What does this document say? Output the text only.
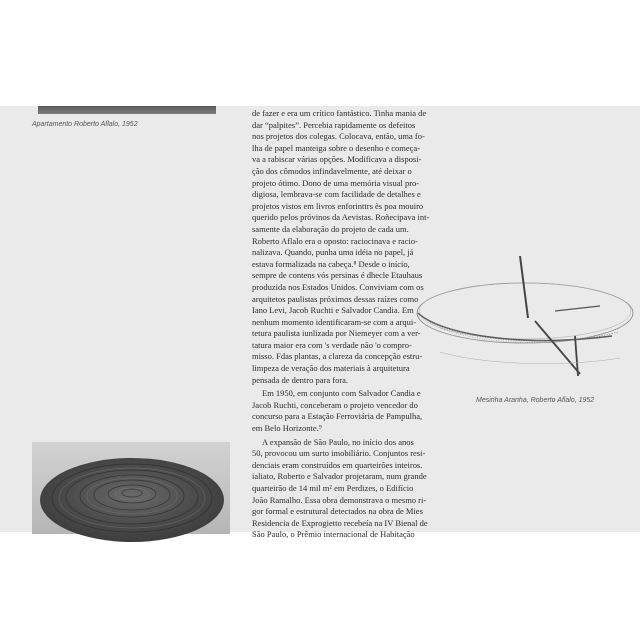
Apartamento Roberto Aflalo, 1952
de fazer e era um crítico fantástico. Tinha mania de
dar “palpites”. Percebia rapidamente os defeitos
nos projetos dos colegas. Colocava, então, uma fo-
lha de papel manteiga sobre o desenho e começa-
va a rabiscar várias opções. Modificava a disposi-
ção dos cômodos infindavelmente, até deixar o
projeto ótimo. Dono de uma memória visual pro-
digiosa, lembrava-se com facilidade de detalhes e
projetos vistos em livros enforinttrs ès poa mouiro
querido pelos próvinos da Aevistas. Roñecipava int-
samente da elaboração do projeto de cada um.
Roberto Aflalo era o oposto: raciocinava e racio-
nalizava. Quando, punha uma idéia no papel, já
estava formalizada na cabeça.⁸ Desde o início,
sempre de contens vós persinas é dhecle Etauhaus
produzida nos Estados Unidos. Conviviam com os
arquitetos paulistas próximos dessas raízes como
Iano Levi, Jacob Ruchti e Salvador Candia. Em
nenhum momento identificaram-se com a arqui-
tetura paulista iunlizada por Niemeyer com a ver-
tatura maior era com 's verdade não 'o compro-
misso. Fdas plantas, a clareza da concepção estru-
limpeza de veração dos materiais à arquitetura
pensada de dentro para fora.
Em 1950, em conjunto com Salvador Candia e
Jacob Ruchti, conceberam o projeto vencedor do
concurso para a Estação Ferroviária de Pampulha,
em Belo Horizonte.⁹
A expansão de São Paulo, no início dos anos
50, provocou um surto imobiliário. Conjuntos resi-
denciais eram construídos em quarteirões inteiros.
ialiato, Roberto e Salvador projetaram, num grande
quarteirão de 14 mil m² em Perdizes, o Edifício
João Ramalho. Essa obra demonstrava o mesmo ri-
gor formal e estrutural detectados na obra de Mies
Residencia de Exprogietto recebeía na IV Bienal de
São Paulo, o Prêmio internacional de Habitação
Mesinha Aranha, Roberto Aflalo, 1952
